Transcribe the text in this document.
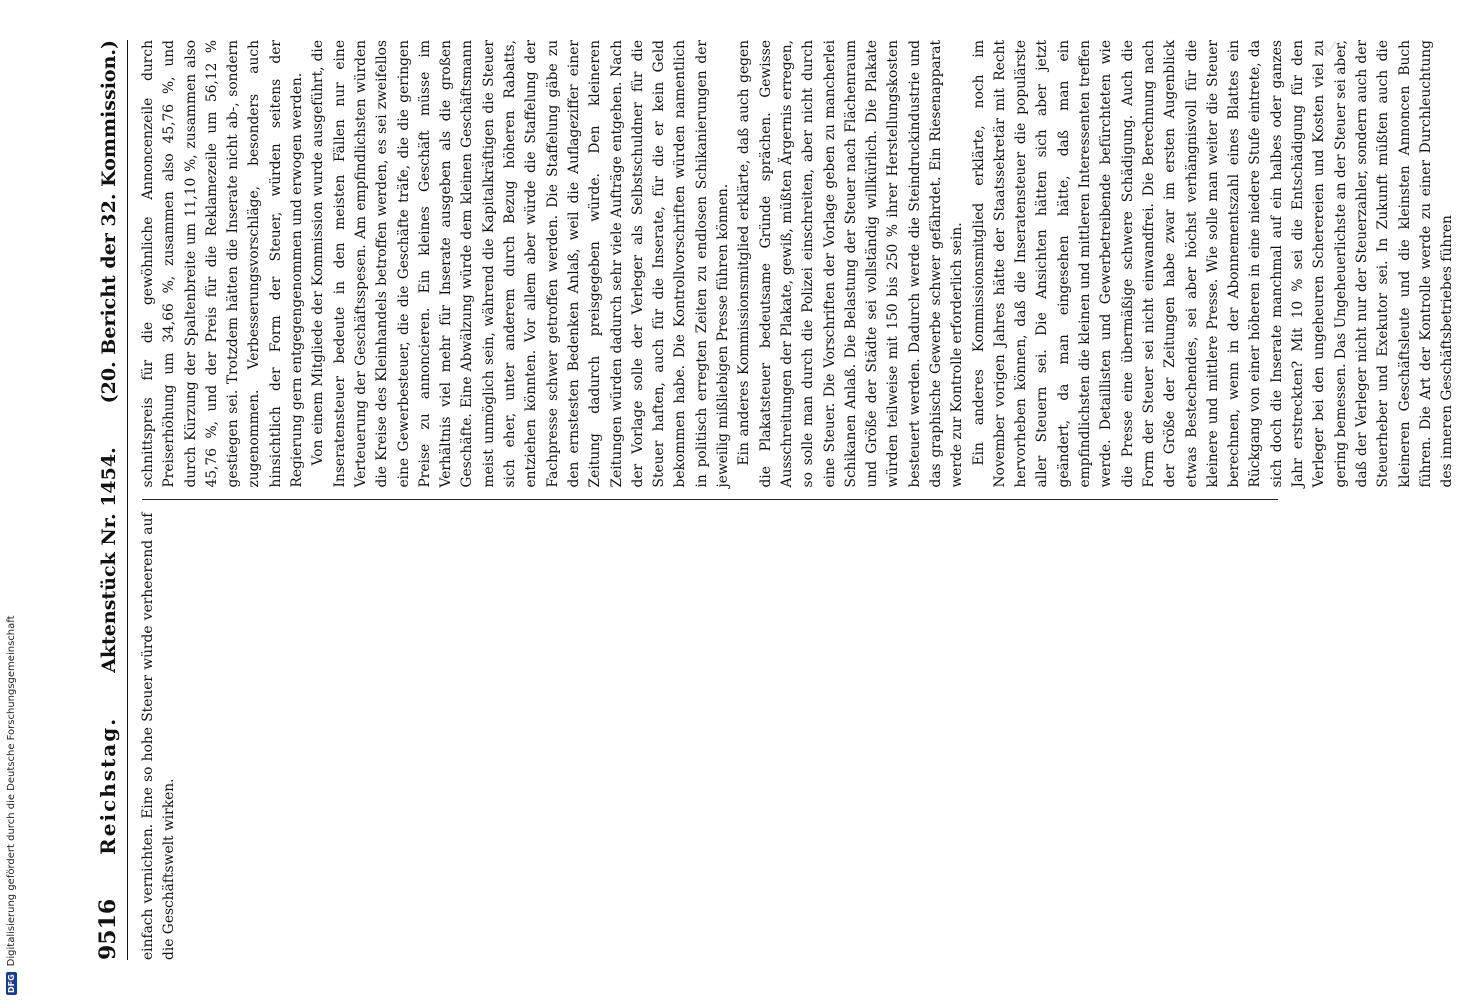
9516
Reichstag.
Aktenstück Nr. 1454.
(20. Bericht der 32. Kommission.)

einfach vernichten. Eine so hohe Steuer würde verheerend auf die Geschäftswelt wirken.

schnittspreis für die gewöhnliche Annoncenzeile durch Preiserhöhung um 34,66 %, zusammen also 45,76 %, und durch Kürzung der Spaltenbreite um 11,10 %, zusammen also 45,76 %, und der Preis für die Reklamezeile um 56,12 % gestiegen sei. Trotzdem hätten die Inserate nicht ab-, sondern zugenommen. Verbesserungsvorschläge, besonders auch hinsichtlich der Form der Steuer, würden seitens der Regierung gern entgegengenommen und erwogen werden. Von einem Mitgliede der Kommission wurde ausgeführt, die Inseratensteuer bedeute in den meisten Fällen nur eine Verteuerung der Geschäftsspesen. Am empfindlichsten würden die Kreise des Kleinhandels betroffen werden, es sei zweifellos eine Gewerbesteuer, die die Geschäfte träfe, die die geringen Preise zu annoncieren. Ein kleines Geschäft müsse im Verhältnis viel mehr für Inserate ausgeben als die großen Geschäfte. Eine Abwälzung würde dem kleinen Geschäftsmann meist unmöglich sein, während die Kapitalkräftigen die Steuer sich eher, unter anderem durch Bezug höheren Rabatts, entziehen könnten. Vor allem aber würde die Staffelung der Fachpresse schwer getroffen werden. Die Staffelung gäbe zu den ernstesten Bedenken Anlaß, weil die Auflageziffer einer Zeitung dadurch preisgegeben würde. Den kleineren Zeitungen würden dadurch sehr viele Aufträge entgehen. Nach der Vorlage solle der Verleger als Selbstschuldner für die Steuer haften, auch für die Inserate, für die er kein Geld bekommen habe. Die Kontrollvorschriften würden namentlich in politisch erregten Zeiten zu endlosen Schikanierungen der jeweilig mißliebigen Presse führen können. Ein anderes Kommissionsmitglied erklärte, daß auch gegen die Plakatsteuer bedeutsame Gründe sprächen. Gewisse Ausschreitungen der Plakate, gewiß, müßten Ärgernis erregen, so solle man durch die Polizei einschreiten, aber nicht durch eine Steuer. Die Vorschriften der Vorlage geben zu mancherlei Schikanen Anlaß. Die Belastung der Steuer nach Flächenraum und Größe der Städte sei vollständig willkürlich. Die Plakate würden teilweise mit 150 bis 250 % ihrer Herstellungskosten besteuert werden. Dadurch werde die Steindruckindustrie und das graphische Gewerbe schwer gefährdet. Ein Riesenapparat werde zur Kontrolle erforderlich sein. Ein anderes Kommissionsmitglied erklärte, noch im November vorigen Jahres hätte der Staatssekretär mit Recht hervorheben können, daß die Inseratensteuer die populärste aller Steuern sei. Die Ansichten hätten sich aber jetzt geändert, da man eingesehen hätte, daß man ein empfindlichsten die kleinen und mittleren Interessenten treffen werde. Detaillisten und Gewerbetreibende befürchteten wie die Presse eine übermäßige schwere Schädigung. Auch die Form der Steuer sei nicht einwandfrei. Die Berechnung nach der Größe der Zeitungen habe zwar im ersten Augenblick etwas Bestechendes, sei aber höchst verhängnisvoll für die kleinere und mittlere Presse. Wie solle man weiter die Steuer berechnen, wenn in der Abonnementszahl eines Blattes ein Rückgang von einer höheren in eine niedere Stufe eintrete, da sich doch die Inserate manchmal auf ein halbes oder ganzes Jahr erstreckten? Mit 10 % sei die Entschädigung für den Verleger bei den ungeheuren Scherereien und Kosten viel zu gering bemessen. Das Ungeheuerlichste an der Steuer sei aber, daß der Verleger nicht nur der Steuerzahler, sondern auch der Steuerheber und Exekutor sei. In Zukunft müßten auch die kleineren Geschäftsleute und die kleinsten Annoncen Buch führen. Die Art der Kontrolle werde zu einer Durchleuchtung des inneren Geschäftsbetriebes führen

DFG
Digitalisierung gefördert durch die Deutsche Forschungsgemeinschaft
